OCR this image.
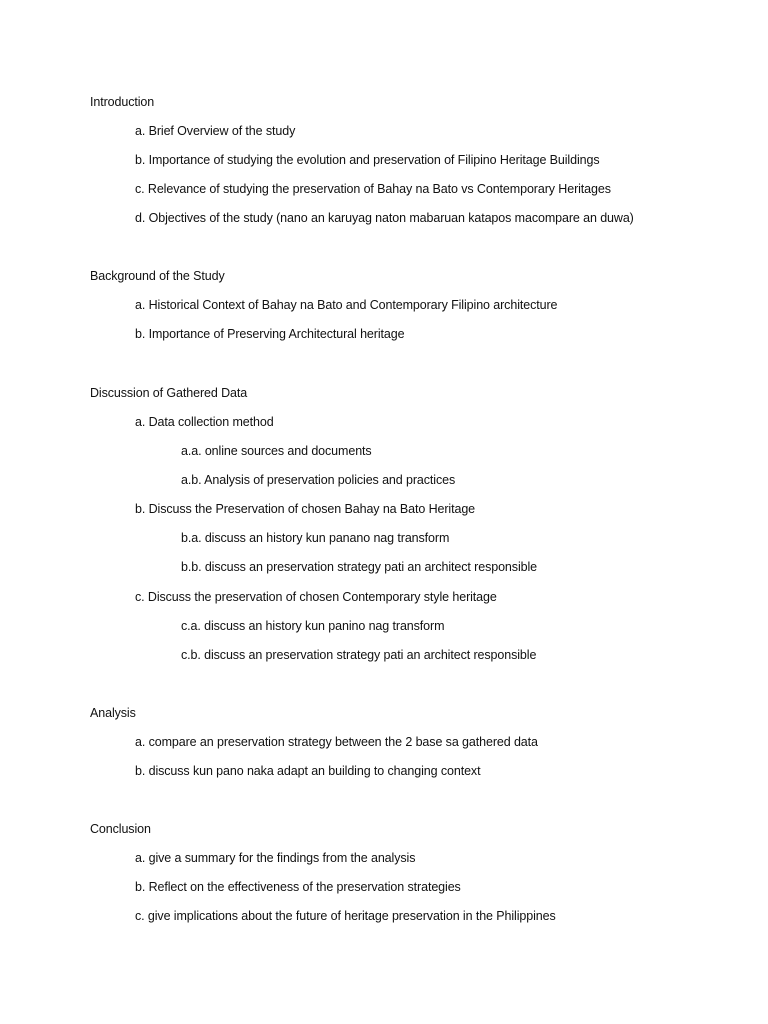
Introduction
a. Brief Overview of the study
b. Importance of studying the evolution and preservation of Filipino Heritage Buildings
c. Relevance of studying the preservation of Bahay na Bato vs Contemporary Heritages
d. Objectives of the study (nano an karuyag naton mabaruan katapos macompare an duwa)
Background of the Study
a. Historical Context of Bahay na Bato and Contemporary Filipino architecture
b. Importance of Preserving Architectural heritage
Discussion of Gathered Data
a. Data collection method
a.a. online sources and documents
a.b. Analysis of preservation policies and practices
b. Discuss the Preservation of chosen Bahay na Bato Heritage
b.a. discuss an history kun panano nag transform
b.b. discuss an preservation strategy pati an architect responsible
c. Discuss the preservation of chosen Contemporary style heritage
c.a. discuss an history kun panino nag transform
c.b. discuss an preservation strategy pati an architect responsible
Analysis
a. compare an preservation strategy between the 2 base sa gathered data
b. discuss kun pano naka adapt an building to changing context
Conclusion
a. give a summary for the findings from the analysis
b. Reflect on the effectiveness of the preservation strategies
c. give implications about the future of heritage preservation in the Philippines
